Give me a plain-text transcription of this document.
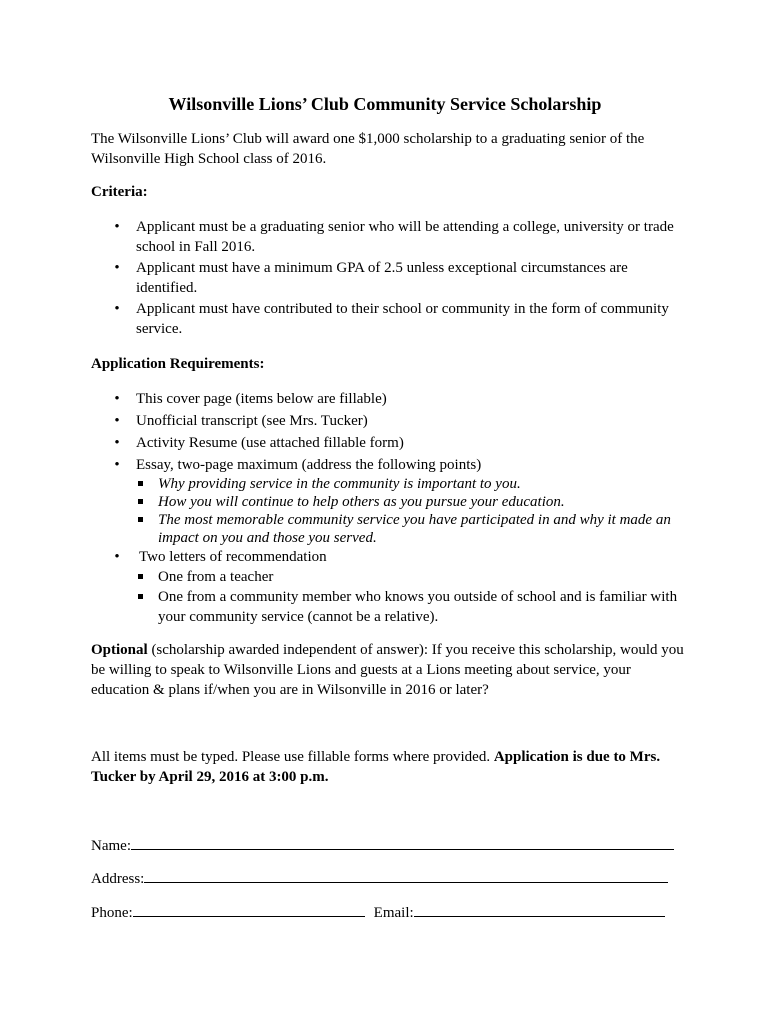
Wilsonville Lions’ Club Community Service Scholarship
The Wilsonville Lions’ Club will award one $1,000 scholarship to a graduating senior of the Wilsonville High School class of 2016.
Criteria:
• Applicant must be a graduating senior who will be attending a college, university or trade school in Fall 2016.
• Applicant must have a minimum GPA of 2.5 unless exceptional circumstances are identified.
• Applicant must have contributed to their school or community in the form of community service.
Application Requirements:
• This cover page (items below are fillable)
• Unofficial transcript (see Mrs. Tucker)
• Activity Resume (use attached fillable form)
• Essay, two-page maximum (address the following points)
Why providing service in the community is important to you.
How you will continue to help others as you pursue your education.
The most memorable community service you have participated in and why it made an impact on you and those you served.
• Two letters of recommendation
One from a teacher
One from a community member who knows you outside of school and is familiar with your community service (cannot be a relative).
Optional (scholarship awarded independent of answer): If you receive this scholarship, would you be willing to speak to Wilsonville Lions and guests at a Lions meeting about service, your education & plans if/when you are in Wilsonville in 2016 or later?
All items must be typed. Please use fillable forms where provided. Application is due to Mrs. Tucker by April 29, 2016 at 3:00 p.m.
Name:
Address:
Phone:	Email:
